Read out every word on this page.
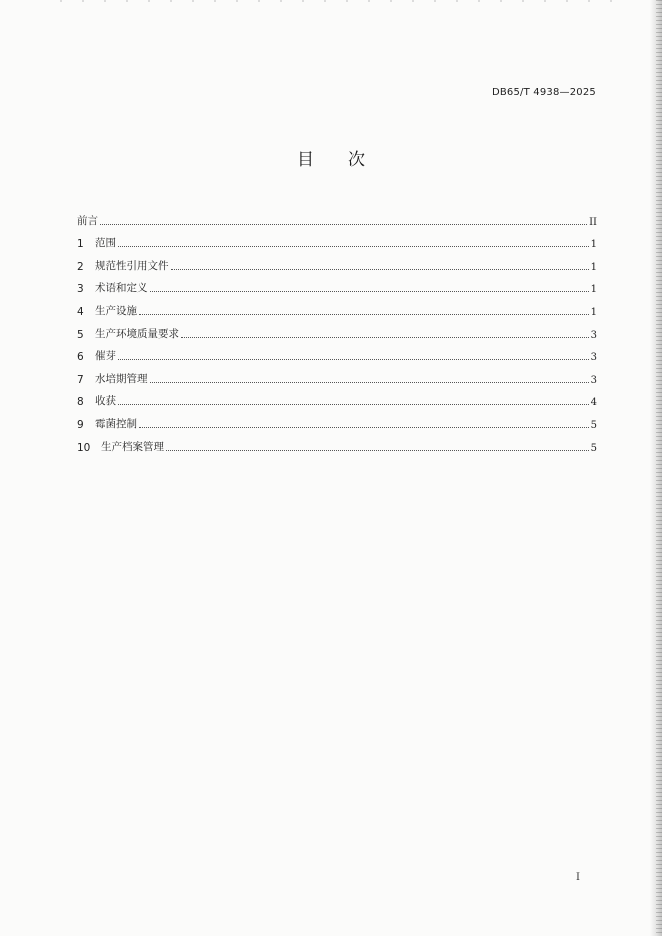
DB65/T 4938—2025
目次
前言	II
1	范围	1
2	规范性引用文件	1
3	术语和定义	1
4	生产设施	1
5	生产环境质量要求	3
6	催芽	3
7	水培期管理	3
8	收获	4
9	霉菌控制	5
10	生产档案管理	5
I
